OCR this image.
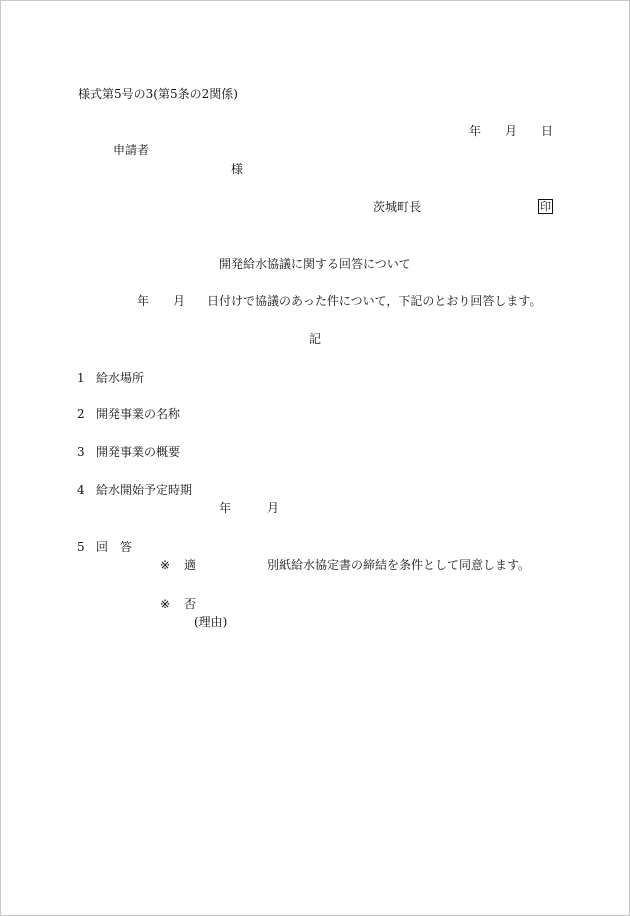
様式第5号の3(第5条の2関係)
年 月 日
申請者
様
茨城町長	印
開発給水協議に関する回答について
年 月 日付けで協議のあった件について，下記のとおり回答します。
記
1 給水場所
2 開発事業の名称
3 開発事業の概要
4 給水開始予定時期
年	月
5 回　答
※ 適	別紙給水協定書の締結を条件として同意します。
※ 否
(理由)
